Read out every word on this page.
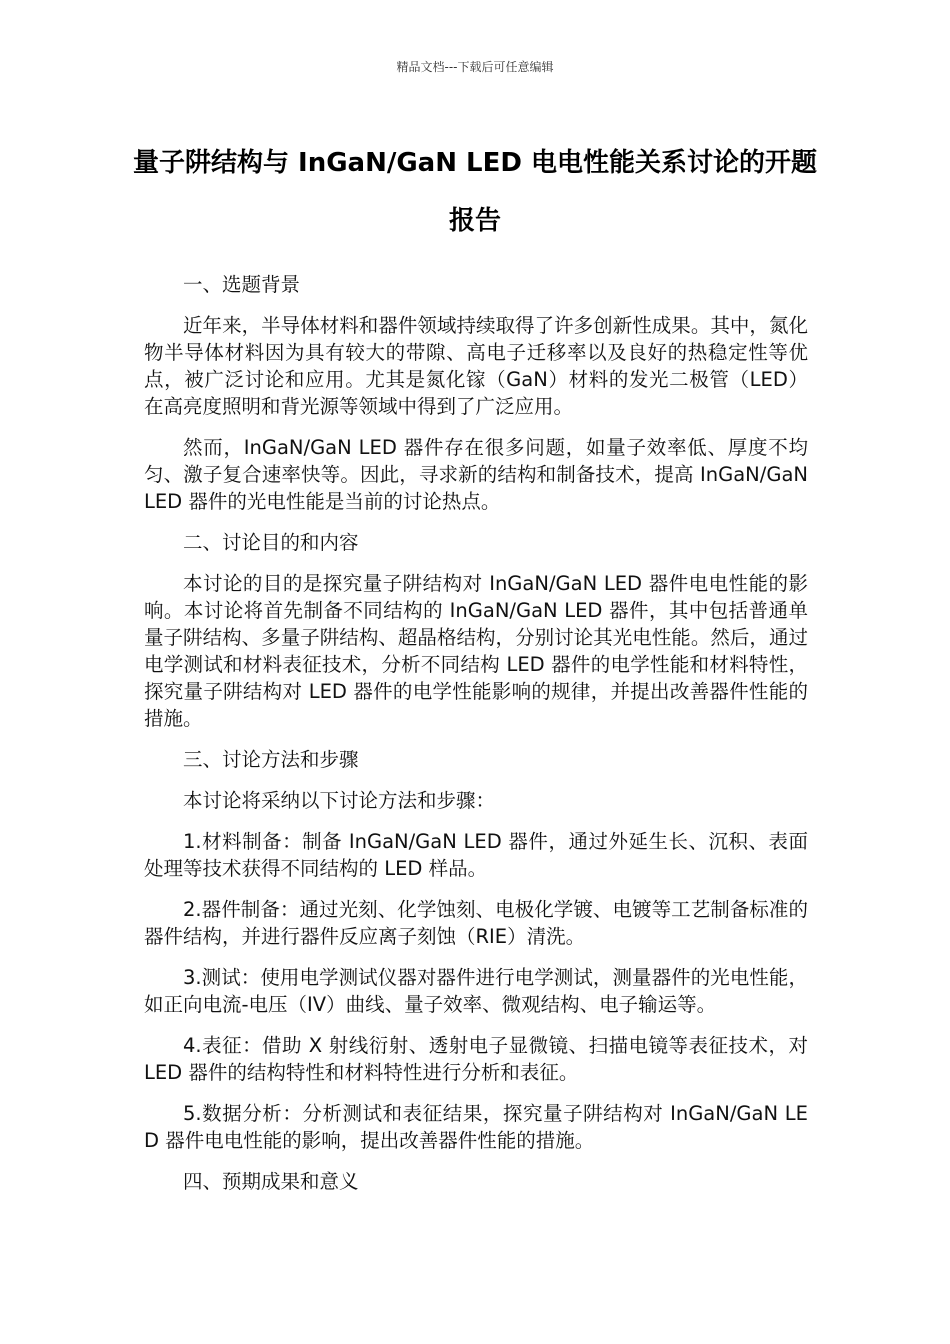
精品文档---下载后可任意编辑
量子阱结构与 InGaN/GaN LED 电电性能关系讨论的开题报告

一、选题背景

近年来，半导体材料和器件领域持续取得了许多创新性成果。其中，氮化物半导体材料因为具有较大的带隙、高电子迁移率以及良好的热稳定性等优点，被广泛讨论和应用。尤其是氮化镓（GaN）材料的发光二极管（LED）在高亮度照明和背光源等领域中得到了广泛应用。

然而，InGaN/GaN LED 器件存在很多问题，如量子效率低、厚度不均匀、激子复合速率快等。因此，寻求新的结构和制备技术，提高 InGaN/GaN LED 器件的光电性能是当前的讨论热点。

二、讨论目的和内容

本讨论的目的是探究量子阱结构对 InGaN/GaN LED 器件电电性能的影响。本讨论将首先制备不同结构的 InGaN/GaN LED 器件，其中包括普通单量子阱结构、多量子阱结构、超晶格结构，分别讨论其光电性能。然后，通过电学测试和材料表征技术，分析不同结构 LED 器件的电学性能和材料特性，探究量子阱结构对 LED 器件的电学性能影响的规律，并提出改善器件性能的措施。

三、讨论方法和步骤

本讨论将采纳以下讨论方法和步骤：

1.材料制备：制备 InGaN/GaN LED 器件，通过外延生长、沉积、表面处理等技术获得不同结构的 LED 样品。

2.器件制备：通过光刻、化学蚀刻、电极化学镀、电镀等工艺制备标准的器件结构，并进行器件反应离子刻蚀（RIE）清洗。

3.测试：使用电学测试仪器对器件进行电学测试，测量器件的光电性能，如正向电流-电压（IV）曲线、量子效率、微观结构、电子输运等。

4.表征：借助 X 射线衍射、透射电子显微镜、扫描电镜等表征技术，对 LED 器件的结构特性和材料特性进行分析和表征。

5.数据分析：分析测试和表征结果，探究量子阱结构对 InGaN/GaN LED 器件电电性能的影响，提出改善器件性能的措施。

四、预期成果和意义
